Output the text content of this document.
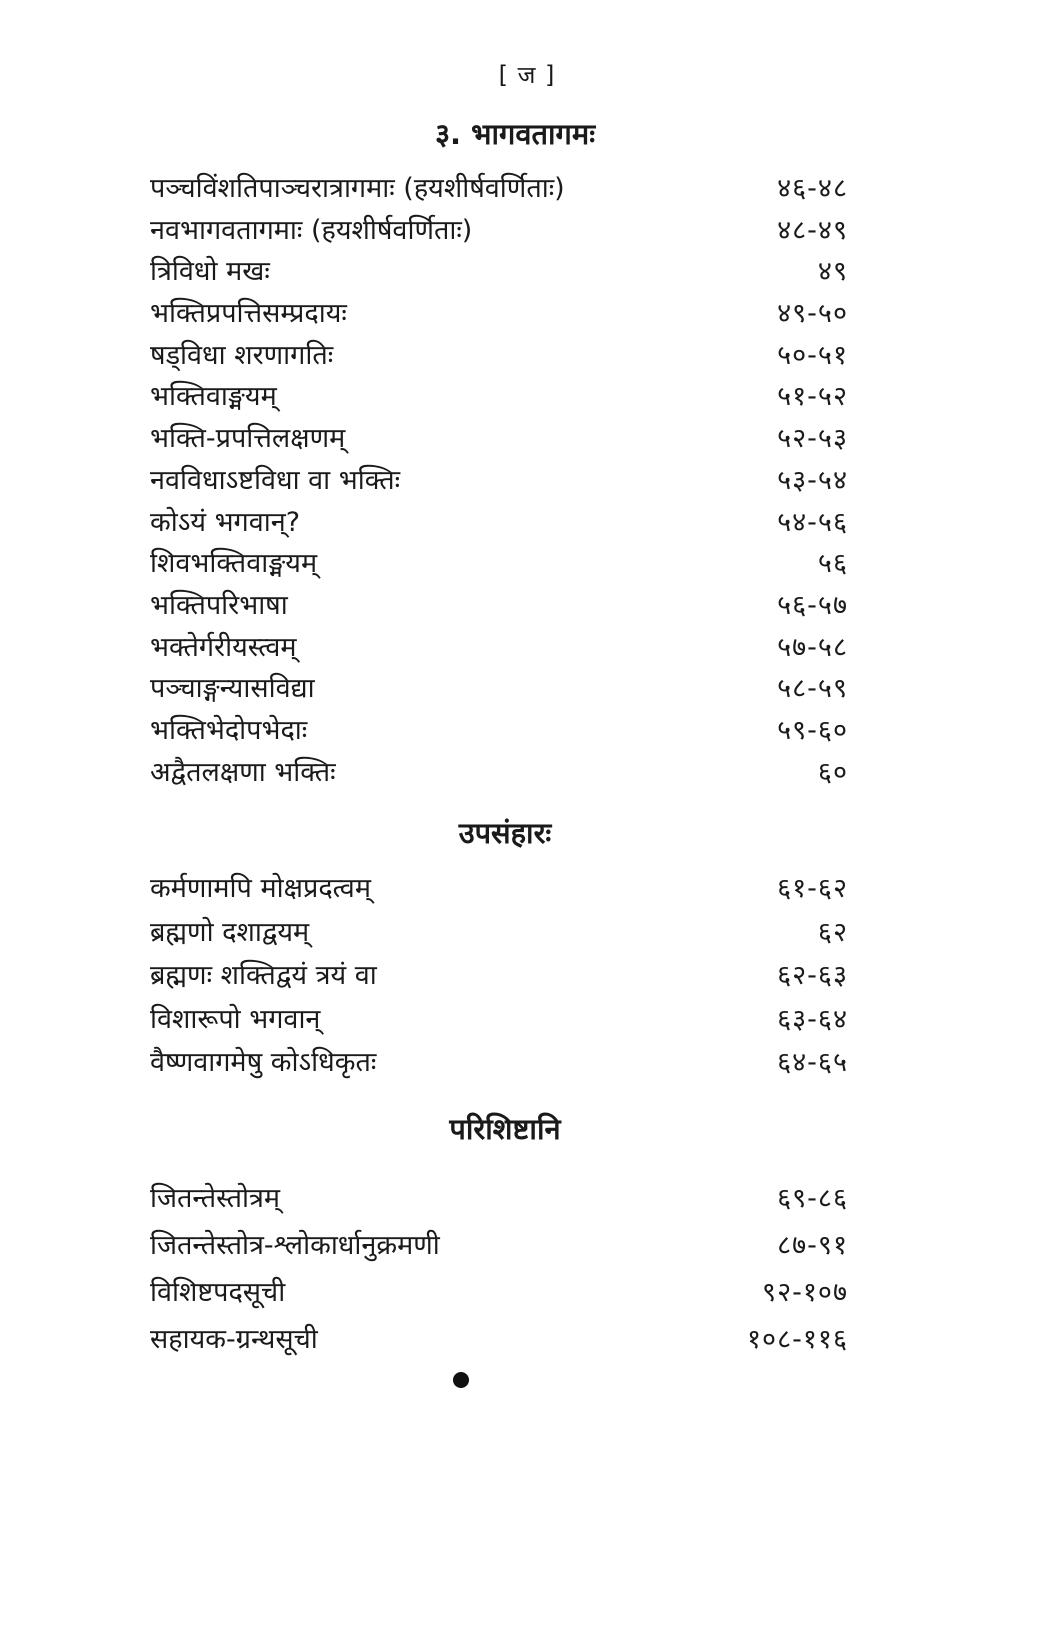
[ ज ]
३. भागवतागमः
पञ्चविंशतिपाञ्चरात्रागमाः (हयशीर्षवर्णिताः)	४६-४८
नवभागवतागमाः (हयशीर्षवर्णिताः)	४८-४९
त्रिविधो मखः	४९
भक्तिप्रपत्तिसम्प्रदायः	४९-५०
षड्विधा शरणागतिः	५०-५१
भक्तिवाङ्मयम्	५१-५२
भक्ति-प्रपत्तिलक्षणम्	५२-५३
नवविधाऽष्टविधा वा भक्तिः	५३-५४
कोऽयं भगवान्?	५४-५६
शिवभक्तिवाङ्मयम्	५६
भक्तिपरिभाषा	५६-५७
भक्तेर्गरीयस्त्वम्	५७-५८
पञ्चाङ्गन्यासविद्या	५८-५९
भक्तिभेदोपभेदाः	५९-६०
अद्वैतलक्षणा भक्तिः	६०
उपसंहारः
कर्मणामपि मोक्षप्रदत्वम्	६१-६२
ब्रह्मणो दशाद्वयम्	६२
ब्रह्मणः शक्तिद्वयं त्रयं वा	६२-६३
विशारूपो भगवान्	६३-६४
वैष्णवागमेषु कोऽधिकृतः	६४-६५
परिशिष्टानि
जितन्तेस्तोत्रम्	६९-८६
जितन्तेस्तोत्र-श्लोकार्धानुक्रमणी	८७-९१
विशिष्टपदसूची	९२-१०७
सहायक-ग्रन्थसूची	१०८-११६
